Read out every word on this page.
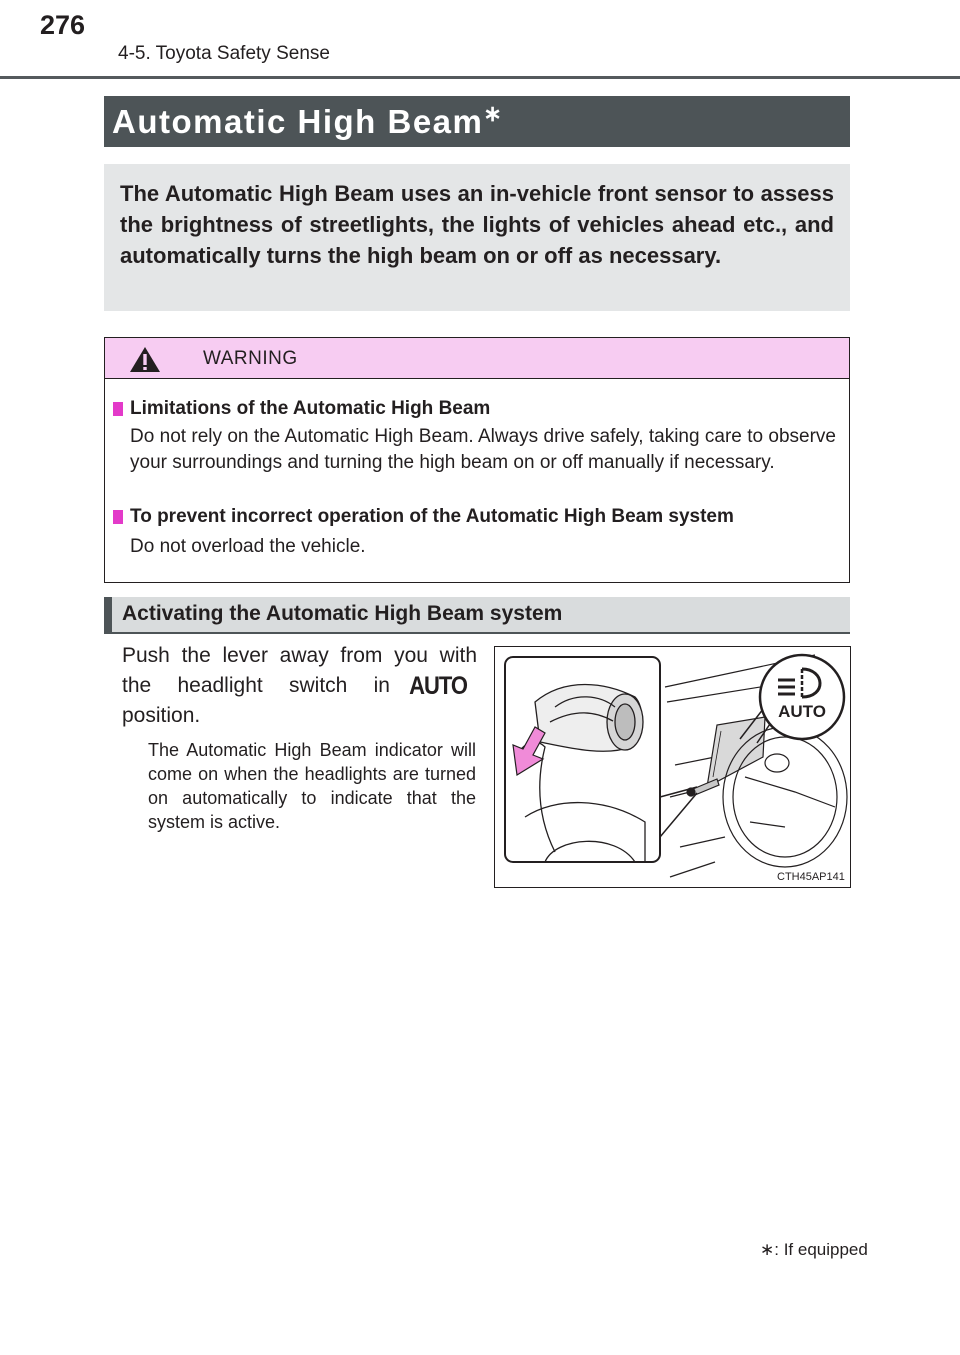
276
4-5. Toyota Safety Sense
Automatic High Beam∗
The Automatic High Beam uses an in-vehicle front sensor to assess the brightness of streetlights, the lights of vehicles ahead etc., and automatically turns the high beam on or off as necessary.
WARNING
Limitations of the Automatic High Beam
Do not rely on the Automatic High Beam. Always drive safely, taking care to observe your surroundings and turning the high beam on or off manually if necessary.
To prevent incorrect operation of the Automatic High Beam system
Do not overload the vehicle.
Activating the Automatic High Beam system
Push the lever away from you with
the headlight switch in AUTO
position.
The Automatic High Beam indicator will come on when the headlights are turned on automatically to indicate that the system is active.
AUTO
CTH45AP141
∗: If equipped
